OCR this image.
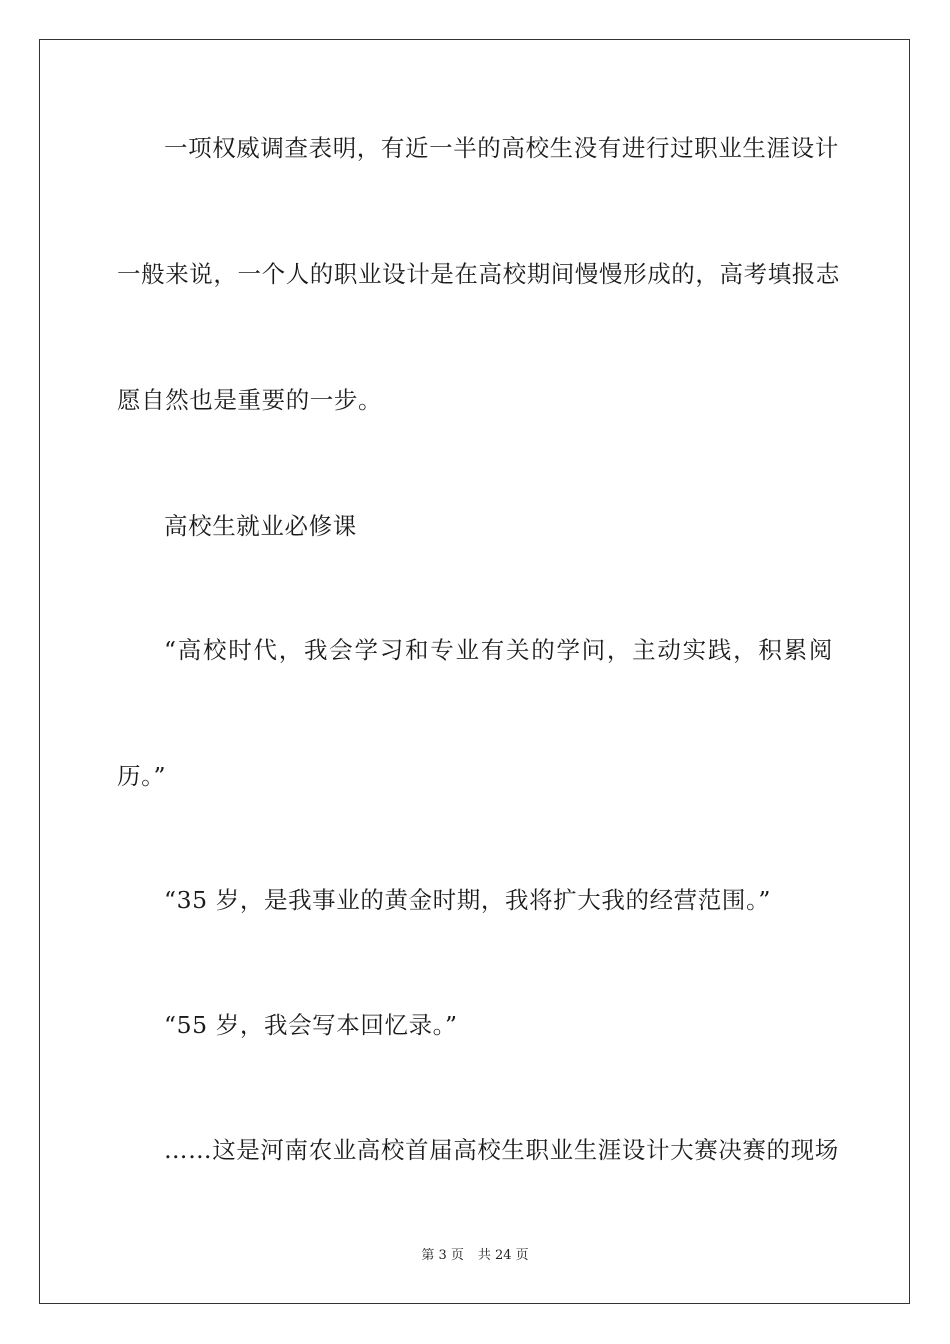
一项权威调查表明，有近一半的高校生没有进行过职业生涯设计
一般来说，一个人的职业设计是在高校期间慢慢形成的，高考填报志
愿自然也是重要的一步。
高校生就业必修课
“高校时代，我会学习和专业有关的学问，主动实践，积累阅
历。”
“35 岁，是我事业的黄金时期，我将扩大我的经营范围。”
“55 岁，我会写本回忆录。”
……这是河南农业高校首届高校生职业生涯设计大赛决赛的现场
第 3 页 共 24 页
